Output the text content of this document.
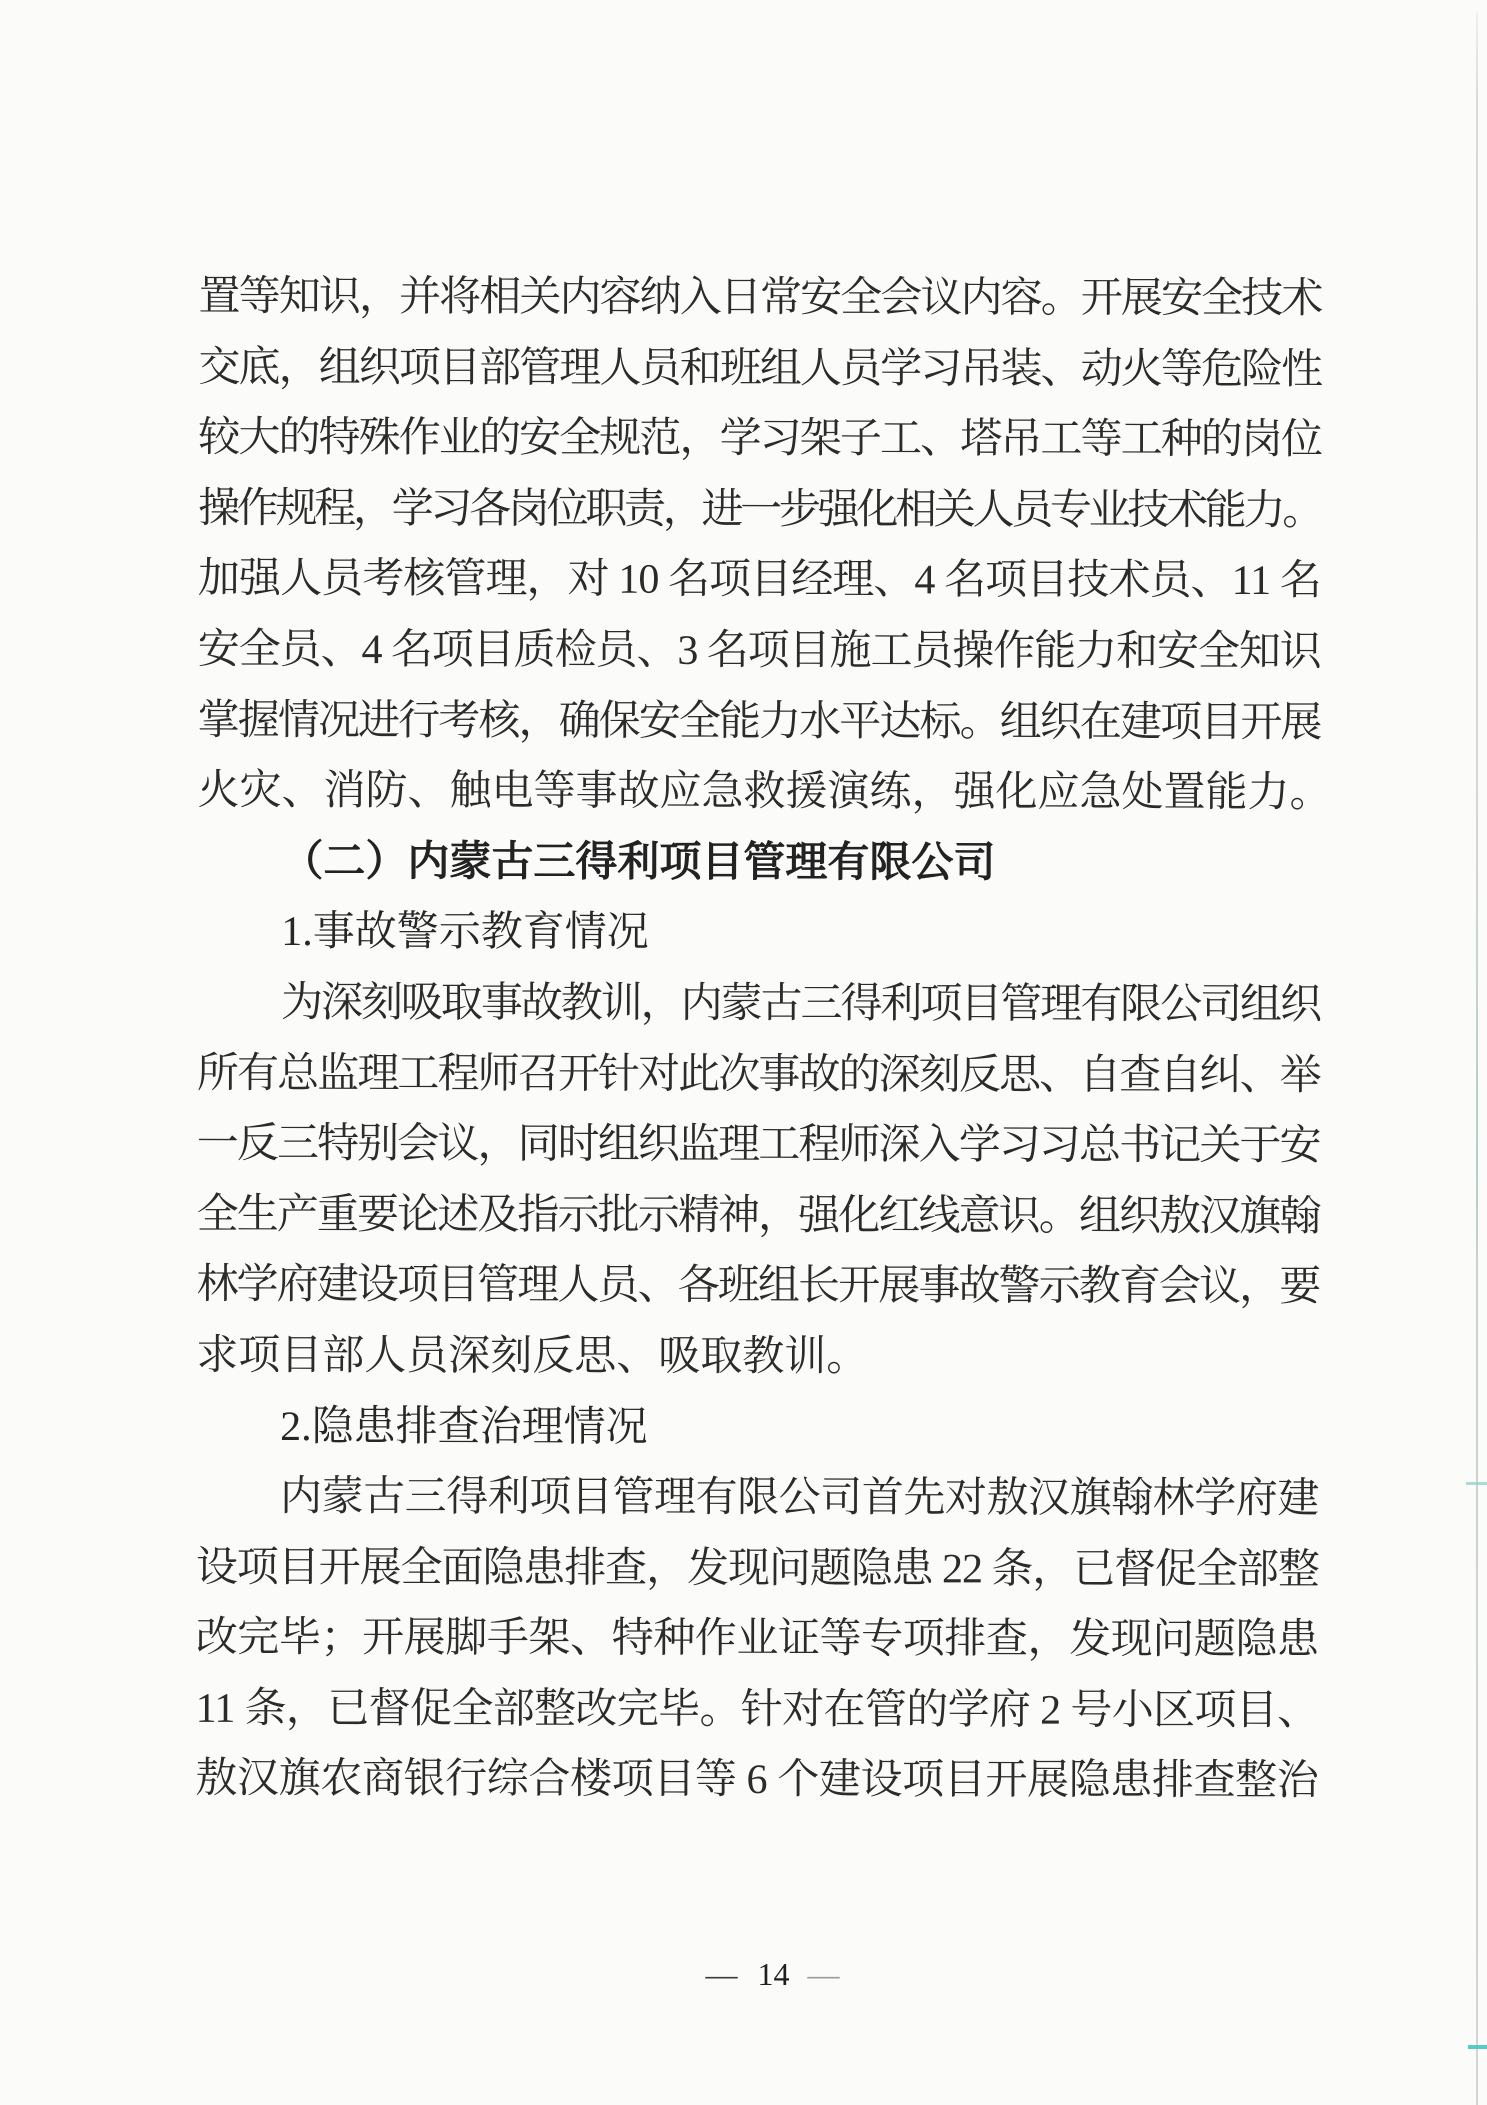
置等知识，并将相关内容纳入日常安全会议内容。开展安全技术
交底，组织项目部管理人员和班组人员学习吊装、动火等危险性
较大的特殊作业的安全规范，学习架子工、塔吊工等工种的岗位
操作规程，学习各岗位职责，进一步强化相关人员专业技术能力。
加强人员考核管理，对 10 名项目经理、4 名项目技术员、11 名
安全员、4 名项目质检员、3 名项目施工员操作能力和安全知识
掌握情况进行考核，确保安全能力水平达标。组织在建项目开展
火灾、消防、触电等事故应急救援演练，强化应急处置能力。
（二）内蒙古三得利项目管理有限公司
1.事故警示教育情况
为深刻吸取事故教训，内蒙古三得利项目管理有限公司组织
所有总监理工程师召开针对此次事故的深刻反思、自查自纠、举
一反三特别会议，同时组织监理工程师深入学习习总书记关于安
全生产重要论述及指示批示精神，强化红线意识。组织敖汉旗翰
林学府建设项目管理人员、各班组长开展事故警示教育会议，要
求项目部人员深刻反思、吸取教训。
2.隐患排查治理情况
内蒙古三得利项目管理有限公司首先对敖汉旗翰林学府建
设项目开展全面隐患排查，发现问题隐患 22 条，已督促全部整
改完毕；开展脚手架、特种作业证等专项排查，发现问题隐患
11 条，已督促全部整改完毕。针对在管的学府 2 号小区项目、
敖汉旗农商银行综合楼项目等 6 个建设项目开展隐患排查整治
— 14 —
